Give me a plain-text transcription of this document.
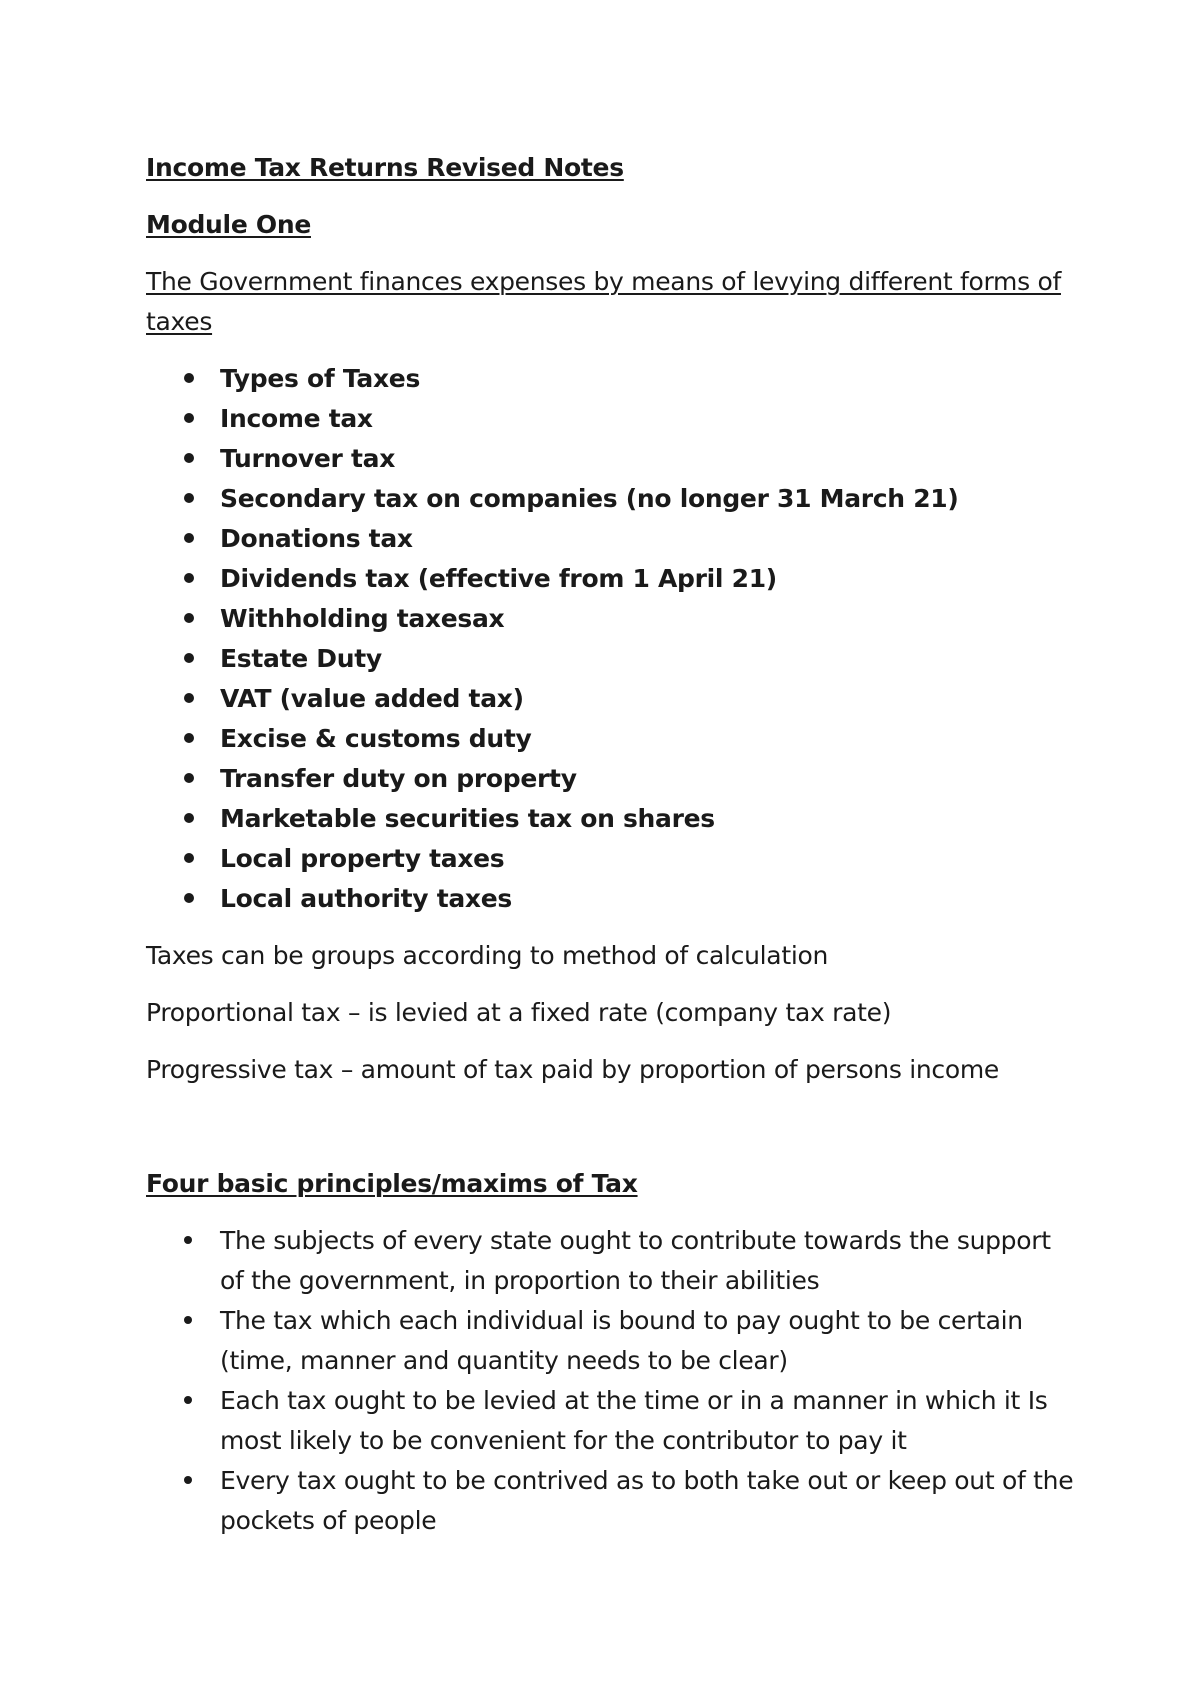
Income Tax Returns Revised Notes

Module One

The Government finances expenses by means of levying different forms of taxes

Types of Taxes
Income tax
Turnover tax
Secondary tax on companies (no longer 31 March 21)
Donations tax
Dividends tax (effective from 1 April 21)
Withholding taxesax
Estate Duty
VAT (value added tax)
Excise & customs duty
Transfer duty on property
Marketable securities tax on shares
Local property taxes
Local authority taxes

Taxes can be groups according to method of calculation

Proportional tax – is levied at a fixed rate (company tax rate)

Progressive tax – amount of tax paid by proportion of persons income

Four basic principles/maxims of Tax

The subjects of every state ought to contribute towards the support of the government, in proportion to their abilities
The tax which each individual is bound to pay ought to be certain (time, manner and quantity needs to be clear)
Each tax ought to be levied at the time or in a manner in which it Is most likely to be convenient for the contributor to pay it
Every tax ought to be contrived as to both take out or keep out of the pockets of people
